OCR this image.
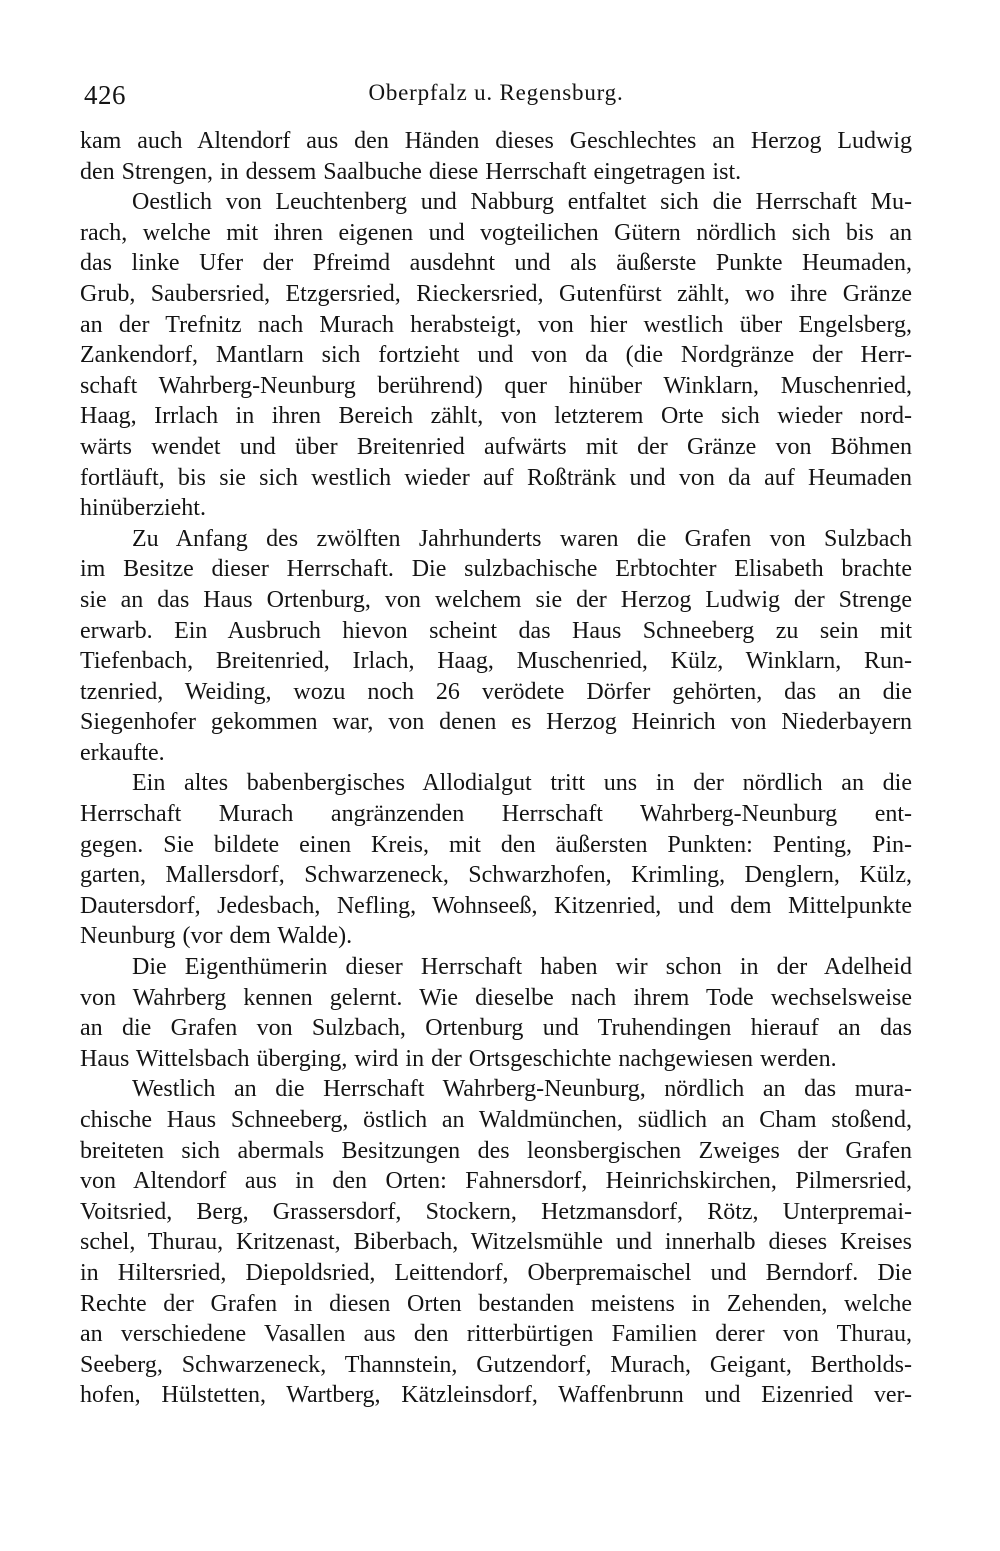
426	Oberpfalz u. Regensburg.
kam auch Altendorf aus den Händen dieses Geschlechtes an Herzog Ludwig
den Strengen, in dessem Saalbuche diese Herrschaft eingetragen ist.
Oestlich von Leuchtenberg und Nabburg entfaltet sich die Herrschaft Mu-
rach, welche mit ihren eigenen und vogteilichen Gütern nördlich sich bis an
das linke Ufer der Pfreimd ausdehnt und als äußerste Punkte Heumaden,
Grub, Saubersried, Etzgersried, Rieckersried, Gutenfürst zählt, wo ihre Gränze
an der Trefnitz nach Murach herabsteigt, von hier westlich über Engelsberg,
Zankendorf, Mantlarn sich fortzieht und von da (die Nordgränze der Herr-
schaft Wahrberg-Neunburg berührend) quer hinüber Winklarn, Muschenried,
Haag, Irrlach in ihren Bereich zählt, von letzterem Orte sich wieder nord-
wärts wendet und über Breitenried aufwärts mit der Gränze von Böhmen
fortläuft, bis sie sich westlich wieder auf Roßtränk und von da auf Heumaden
hinüberzieht.
Zu Anfang des zwölften Jahrhunderts waren die Grafen von Sulzbach
im Besitze dieser Herrschaft. Die sulzbachische Erbtochter Elisabeth brachte
sie an das Haus Ortenburg, von welchem sie der Herzog Ludwig der Strenge
erwarb. Ein Ausbruch hievon scheint das Haus Schneeberg zu sein mit
Tiefenbach, Breitenried, Irlach, Haag, Muschenried, Külz, Winklarn, Run-
tzenried, Weiding, wozu noch 26 verödete Dörfer gehörten, das an die
Siegenhofer gekommen war, von denen es Herzog Heinrich von Niederbayern
erkaufte.
Ein altes babenbergisches Allodialgut tritt uns in der nördlich an die
Herrschaft Murach angränzenden Herrschaft Wahrberg-Neunburg ent-
gegen. Sie bildete einen Kreis, mit den äußersten Punkten: Penting, Pin-
garten, Mallersdorf, Schwarzeneck, Schwarzhofen, Krimling, Denglern, Külz,
Dautersdorf, Jedesbach, Nefling, Wohnseeß, Kitzenried, und dem Mittelpunkte
Neunburg (vor dem Walde).
Die Eigenthümerin dieser Herrschaft haben wir schon in der Adelheid
von Wahrberg kennen gelernt. Wie dieselbe nach ihrem Tode wechselsweise
an die Grafen von Sulzbach, Ortenburg und Truhendingen hierauf an das
Haus Wittelsbach überging, wird in der Ortsgeschichte nachgewiesen werden.
Westlich an die Herrschaft Wahrberg-Neunburg, nördlich an das mura-
chische Haus Schneeberg, östlich an Waldmünchen, südlich an Cham stoßend,
breiteten sich abermals Besitzungen des leonsbergischen Zweiges der Grafen
von Altendorf aus in den Orten: Fahnersdorf, Heinrichskirchen, Pilmersried,
Voitsried, Berg, Grassersdorf, Stockern, Hetzmansdorf, Rötz, Unterpremai-
schel, Thurau, Kritzenast, Biberbach, Witzelsmühle und innerhalb dieses Kreises
in Hiltersried, Diepoldsried, Leittendorf, Oberpremaischel und Berndorf. Die
Rechte der Grafen in diesen Orten bestanden meistens in Zehenden, welche
an verschiedene Vasallen aus den ritterbürtigen Familien derer von Thurau,
Seeberg, Schwarzeneck, Thannstein, Gutzendorf, Murach, Geigant, Bertholds-
hofen, Hülstetten, Wartberg, Kätzleinsdorf, Waffenbrunn und Eizenried ver-
